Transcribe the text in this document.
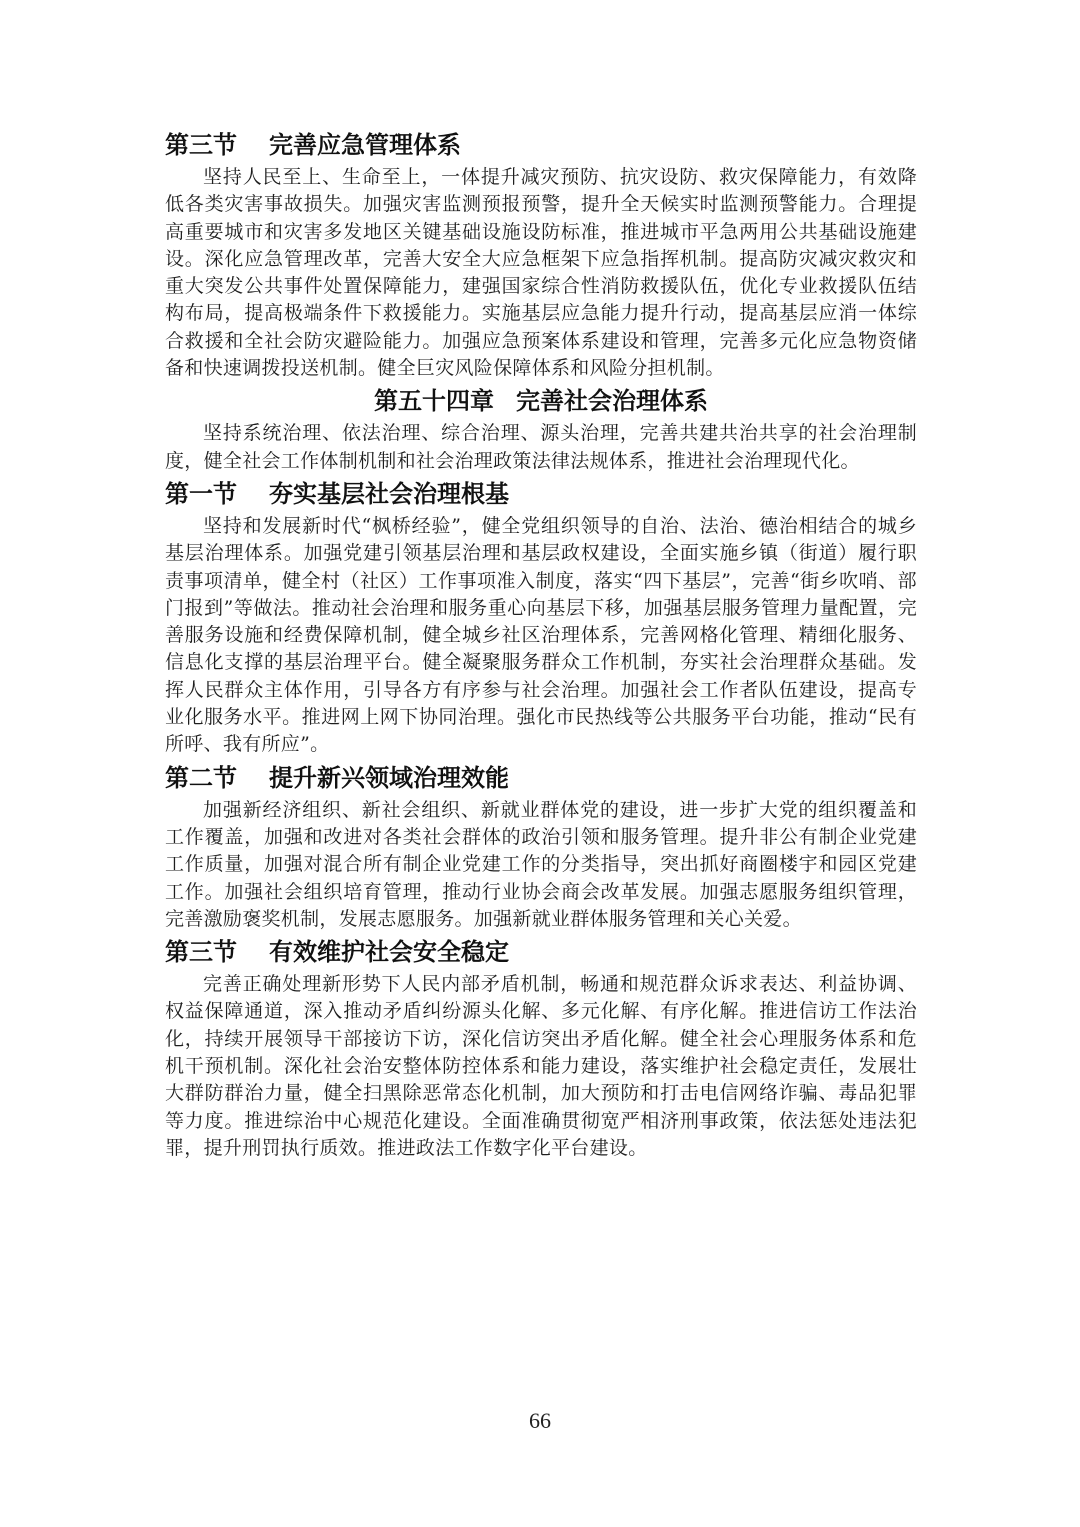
第三节 完善应急管理体系

坚持人民至上、生命至上，一体提升减灾预防、抗灾设防、救灾保障能力，有效降低各类灾害事故损失。加强灾害监测预报预警，提升全天候实时监测预警能力。合理提高重要城市和灾害多发地区关键基础设施设防标准，推进城市平急两用公共基础设施建设。深化应急管理改革，完善大安全大应急框架下应急指挥机制。提高防灾减灾救灾和重大突发公共事件处置保障能力，建强国家综合性消防救援队伍，优化专业救援队伍结构布局，提高极端条件下救援能力。实施基层应急能力提升行动，提高基层应消一体综合救援和全社会防灾避险能力。加强应急预案体系建设和管理，完善多元化应急物资储备和快速调拨投送机制。健全巨灾风险保障体系和风险分担机制。

第五十四章 完善社会治理体系

坚持系统治理、依法治理、综合治理、源头治理，完善共建共治共享的社会治理制度，健全社会工作体制机制和社会治理政策法律法规体系，推进社会治理现代化。

第一节 夯实基层社会治理根基

坚持和发展新时代“枫桥经验”，健全党组织领导的自治、法治、德治相结合的城乡基层治理体系。加强党建引领基层治理和基层政权建设，全面实施乡镇（街道）履行职责事项清单，健全村（社区）工作事项准入制度，落实“四下基层”，完善“街乡吹哨、部门报到”等做法。推动社会治理和服务重心向基层下移，加强基层服务管理力量配置，完善服务设施和经费保障机制，健全城乡社区治理体系，完善网格化管理、精细化服务、信息化支撑的基层治理平台。健全凝聚服务群众工作机制，夯实社会治理群众基础。发挥人民群众主体作用，引导各方有序参与社会治理。加强社会工作者队伍建设，提高专业化服务水平。推进网上网下协同治理。强化市民热线等公共服务平台功能，推动“民有所呼、我有所应”。

第二节 提升新兴领域治理效能

加强新经济组织、新社会组织、新就业群体党的建设，进一步扩大党的组织覆盖和工作覆盖，加强和改进对各类社会群体的政治引领和服务管理。提升非公有制企业党建工作质量，加强对混合所有制企业党建工作的分类指导，突出抓好商圈楼宇和园区党建工作。加强社会组织培育管理，推动行业协会商会改革发展。加强志愿服务组织管理，完善激励褒奖机制，发展志愿服务。加强新就业群体服务管理和关心关爱。

第三节 有效维护社会安全稳定

完善正确处理新形势下人民内部矛盾机制，畅通和规范群众诉求表达、利益协调、权益保障通道，深入推动矛盾纠纷源头化解、多元化解、有序化解。推进信访工作法治化，持续开展领导干部接访下访，深化信访突出矛盾化解。健全社会心理服务体系和危机干预机制。深化社会治安整体防控体系和能力建设，落实维护社会稳定责任，发展壮大群防群治力量，健全扫黑除恶常态化机制，加大预防和打击电信网络诈骗、毒品犯罪等力度。推进综治中心规范化建设。全面准确贯彻宽严相济刑事政策，依法惩处违法犯罪，提升刑罚执行质效。推进政法工作数字化平台建设。

66
